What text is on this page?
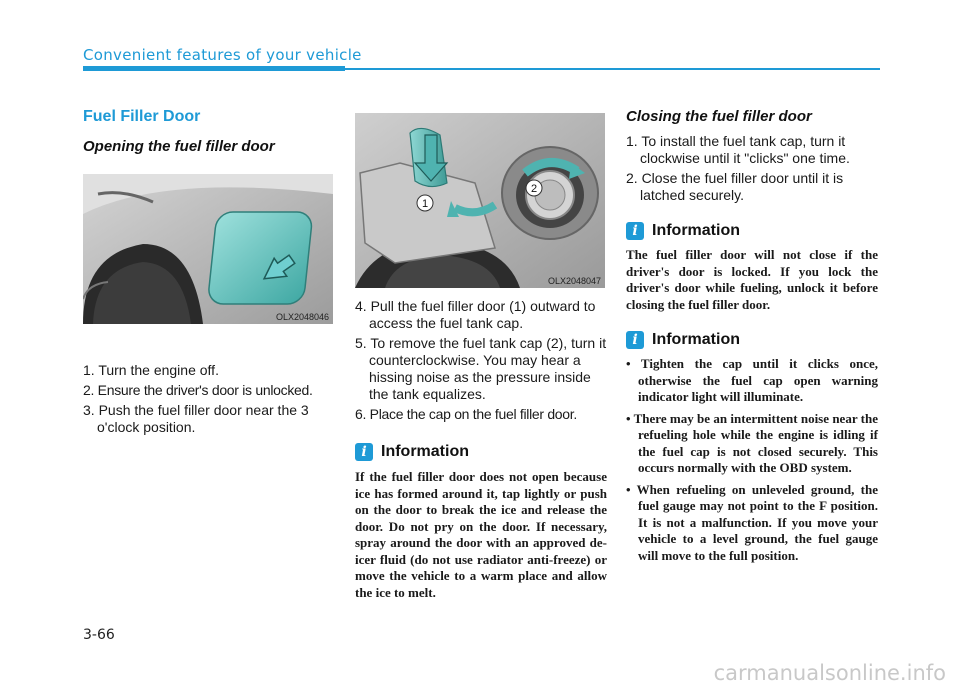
Convenient features of your vehicle
Fuel Filler Door
Opening the fuel filler door
OLX2048046
1. Turn the engine off.
2. Ensure the driver's door is unlocked.
3. Push the fuel filler door near the 3 o'clock position.
1
2
OLX2048047
4. Pull the fuel filler door (1) outward to access the fuel tank cap.
5. To remove the fuel tank cap (2), turn it counterclockwise. You may hear a hissing noise as the pressure inside the tank equalizes.
6. Place the cap on the fuel filler door.
i Information

If the fuel filler door does not open because ice has formed around it, tap lightly or push on the door to break the ice and release the door. Do not pry on the door. If necessary, spray around the door with an approved de-icer fluid (do not use radiator anti-freeze) or move the vehicle to a warm place and allow the ice to melt.

Closing the fuel filler door
1. To install the fuel tank cap, turn it clockwise until it "clicks" one time.
2. Close the fuel filler door until it is latched securely.
i Information

The fuel filler door will not close if the driver's door is locked. If you lock the driver's door while fueling, unlock it before closing the fuel filler door.

i Information
• Tighten the cap until it clicks once, otherwise the fuel cap open warning indicator light will illuminate.
• There may be an intermittent noise near the refueling hole while the engine is idling if the fuel cap is not closed securely. This occurs normally with the OBD system.
• When refueling on unleveled ground, the fuel gauge may not point to the F position. It is not a malfunction. If you move your vehicle to a level ground, the fuel gauge will move to the full position.
3-66
carmanualsonline.info
